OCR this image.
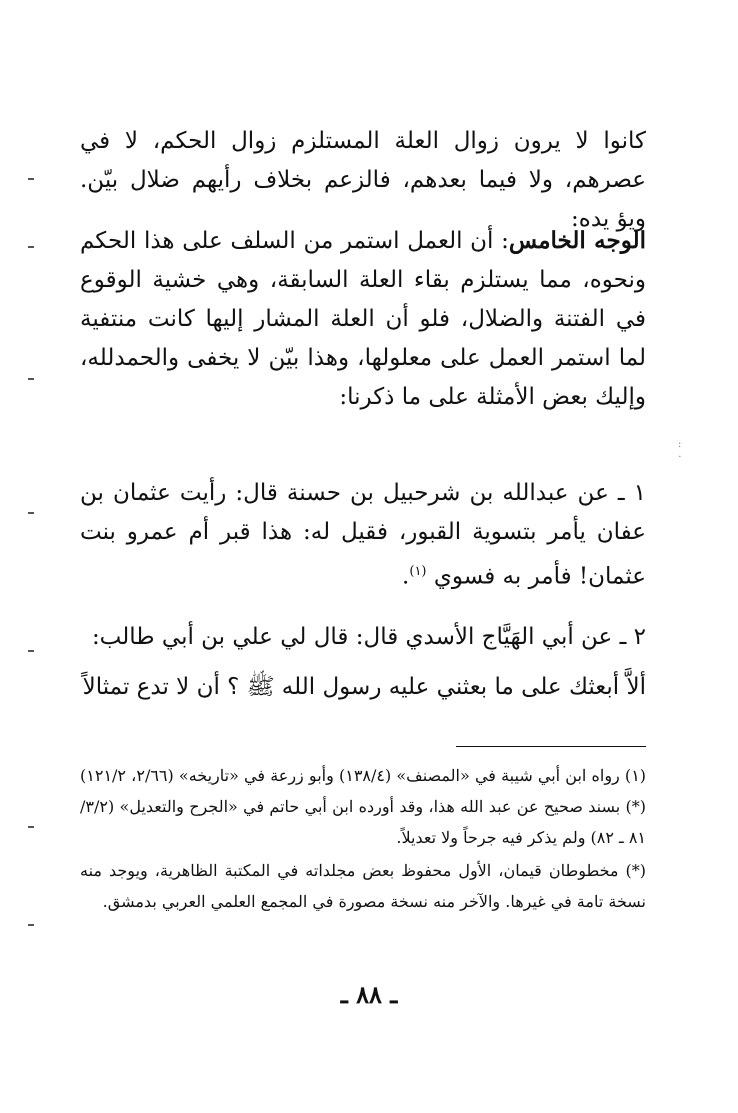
كانوا لا يرون زوال العلة المستلزم زوال الحكم، لا في عصرهم، ولا فيما بعدهم، فالزعم بخلاف رأيهم ضلال بيّن. ويؤ يده:

الوجه الخامس: أن العمل استمر من السلف على هذا الحكم ونحوه، مما يستلزم بقاء العلة السابقة، وهي خشية الوقوع في الفتنة والضلال، فلو أن العلة المشار إليها كانت منتفية لما استمر العمل على معلولها، وهذا بيّن لا يخفى والحمدلله، وإليك بعض الأمثلة على ما ذكرنا:

١ ـ عن عبدالله بن شرحبيل بن حسنة قال: رأيت عثمان بن عفان يأمر بتسوية القبور، فقيل له: هذا قبر أم عمرو بنت عثمان! فأمر به فسوي $^{(١)}$.

٢ ـ عن أبي الهَيَّاج الأسدي قال: قال لي علي بن أبي طالب:

ألاَّ أبعثك على ما بعثني عليه رسول الله ﷺ ؟ أن لا تدع تمثالاً

(١) رواه ابن أبي شيبة في «المصنف» (١٣٨/٤) وأبو زرعة في «تاريخه» (٢/٦٦، ١٢١/٢) (*) بسند صحيح عن عبد الله هذا، وقد أورده ابن أبي حاتم في «الجرح والتعديل» (٣/٢/ ٨١ ـ ٨٢) ولم يذكر فيه جرحاً ولا تعديلاً.

(*) مخطوطان قيمان، الأول محفوظ بعض مجلداته في المكتبة الظاهرية، ويوجد منه نسخة تامة في غيرها. والآخر منه نسخة مصورة في المجمع العلمي العربي بدمشق.

ـ ٨٨ ـ
:
.
